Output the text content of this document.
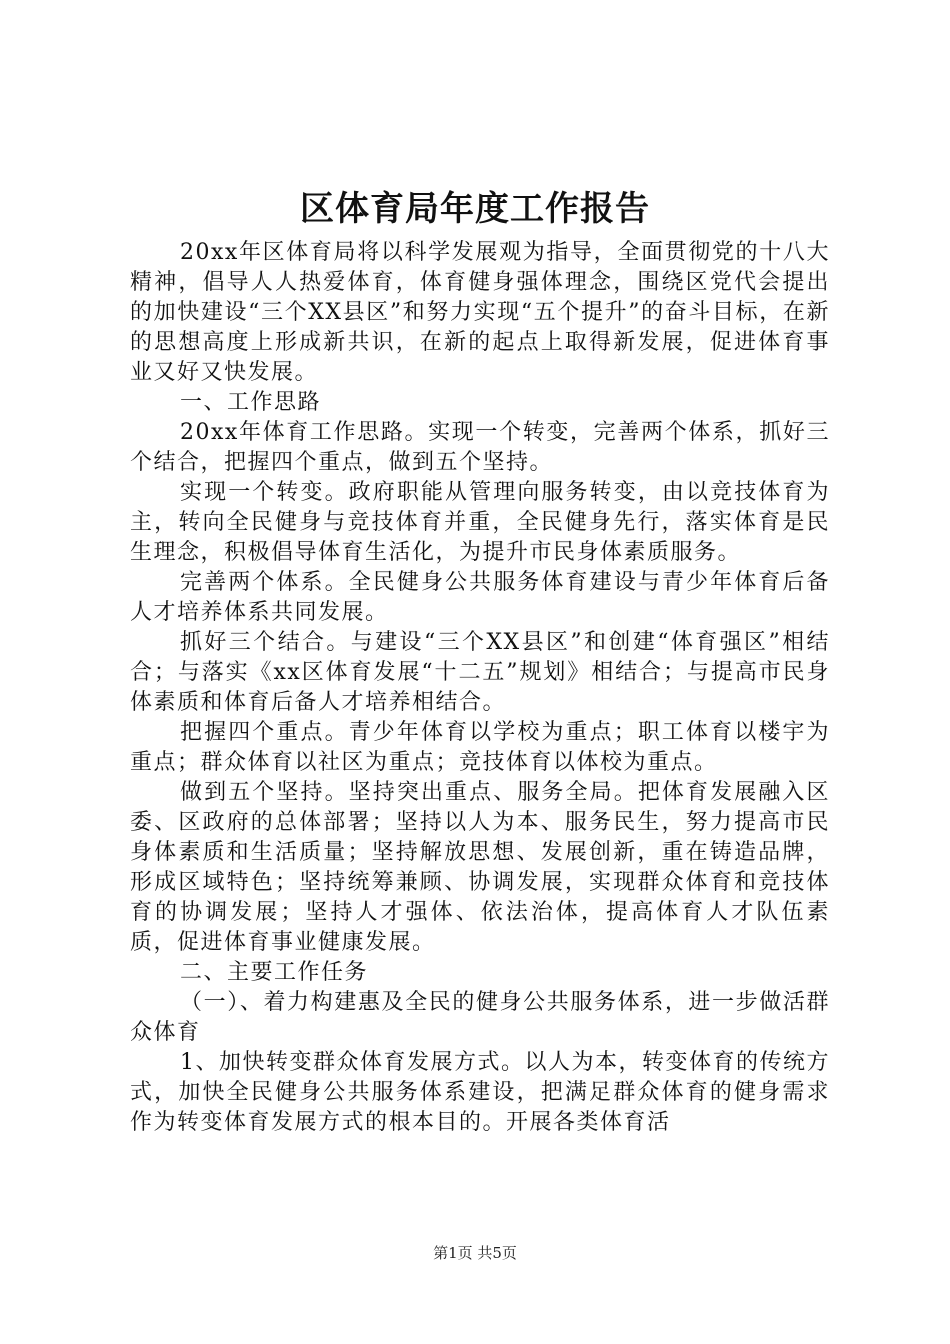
区体育局年度工作报告

20xx年区体育局将以科学发展观为指导，全面贯彻党的十八大精神，倡导人人热爱体育，体育健身强体理念，围绕区党代会提出的加快建设“三个XX县区”和努力实现“五个提升”的奋斗目标，在新的思想高度上形成新共识，在新的起点上取得新发展，促进体育事业又好又快发展。

一、工作思路

20xx年体育工作思路。实现一个转变，完善两个体系，抓好三个结合，把握四个重点，做到五个坚持。

实现一个转变。政府职能从管理向服务转变，由以竞技体育为主，转向全民健身与竞技体育并重，全民健身先行，落实体育是民生理念，积极倡导体育生活化，为提升市民身体素质服务。

完善两个体系。全民健身公共服务体育建设与青少年体育后备人才培养体系共同发展。

抓好三个结合。与建设“三个XX县区”和创建“体育强区”相结合；与落实《xx区体育发展“十二五”规划》相结合；与提高市民身体素质和体育后备人才培养相结合。

把握四个重点。青少年体育以学校为重点；职工体育以楼宇为重点；群众体育以社区为重点；竞技体育以体校为重点。

做到五个坚持。坚持突出重点、服务全局。把体育发展融入区委、区政府的总体部署；坚持以人为本、服务民生，努力提高市民身体素质和生活质量；坚持解放思想、发展创新，重在铸造品牌，形成区域特色；坚持统筹兼顾、协调发展，实现群众体育和竞技体育的协调发展；坚持人才强体、依法治体，提高体育人才队伍素质，促进体育事业健康发展。

二、主要工作任务

（一）、着力构建惠及全民的健身公共服务体系，进一步做活群众体育

1、加快转变群众体育发展方式。以人为本，转变体育的传统方式，加快全民健身公共服务体系建设，把满足群众体育的健身需求作为转变体育发展方式的根本目的。开展各类体育活

第1页 共5页
